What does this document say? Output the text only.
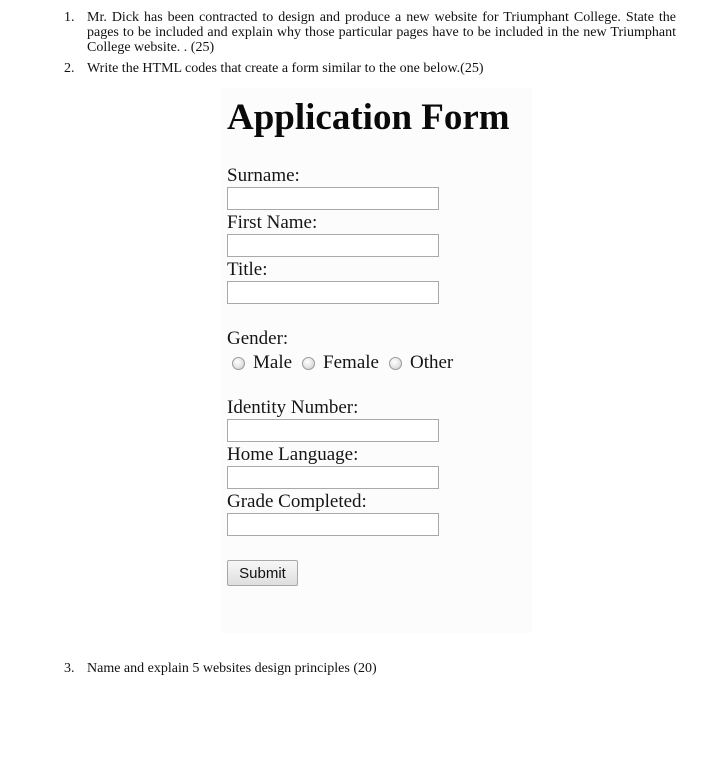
1. Mr. Dick has been contracted to design and produce a new website for Triumphant College. State the pages to be included and explain why those particular pages have to be included in the new Triumphant College website. . (25)
2. Write the HTML codes that create a form similar to the one below.(25)
Application Form
Surname:
First Name:
Title:
Gender:
Male Female Other
Identity Number:
Home Language:
Grade Completed:
Submit
3. Name and explain 5 websites design principles (20)
